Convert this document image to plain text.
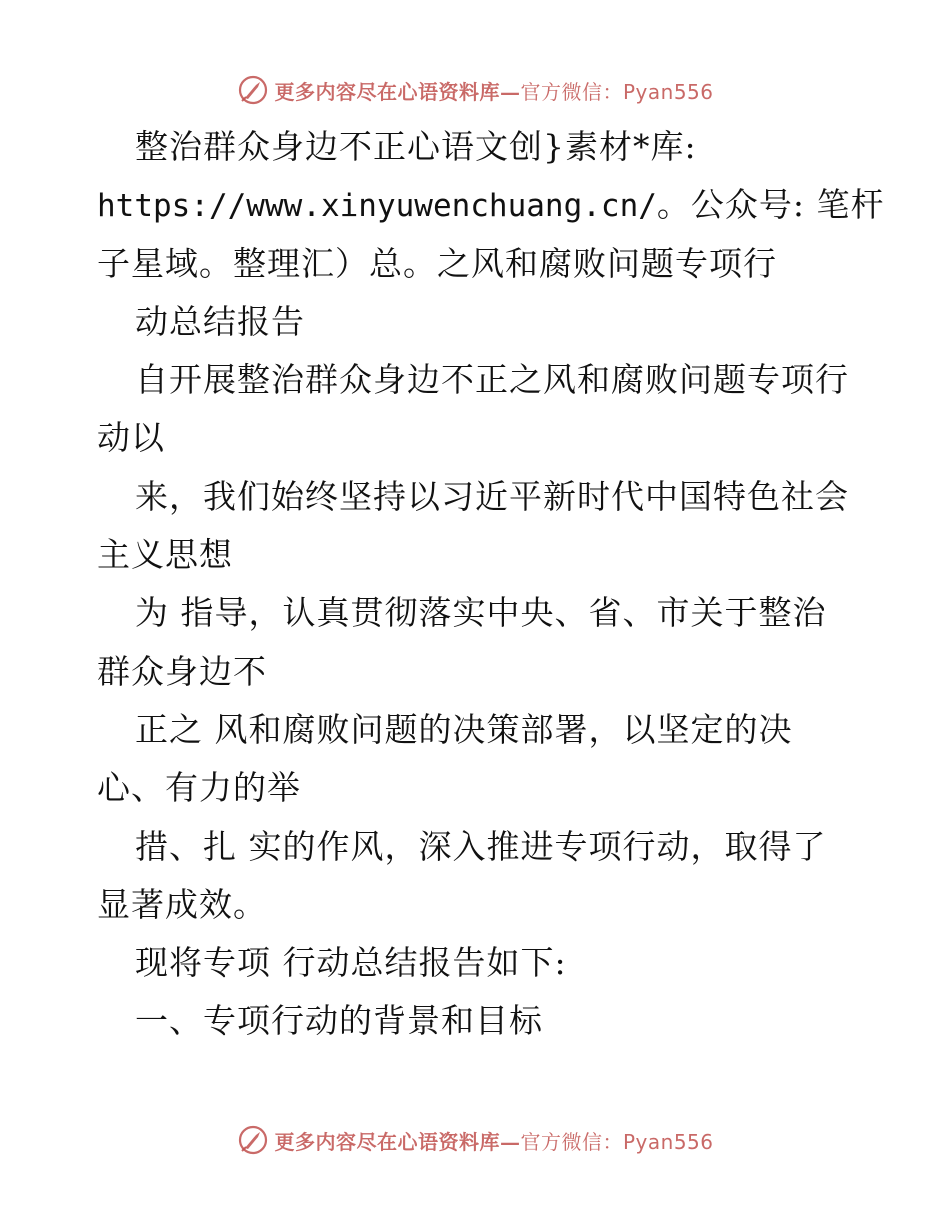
更多内容尽在心语资料库—官方微信：Pyan556
整治群众身边不正心语文创}素材*库:
https://www.xinyuwenchuang.cn/。公众号: 笔杆
子星域。整理汇）总。之风和腐败问题专项行
动总结报告
自开展整治群众身边不正之风和腐败问题专项行
动以
来，我们始终坚持以习近平新时代中国特色社会
主义思想
为 指导，认真贯彻落实中央、省、市关于整治
群众身边不
正之 风和腐败问题的决策部署，以坚定的决
心、有力的举
措、扎 实的作风，深入推进专项行动，取得了
显著成效。
现将专项 行动总结报告如下:
一、专项行动的背景和目标
更多内容尽在心语资料库—官方微信：Pyan556
